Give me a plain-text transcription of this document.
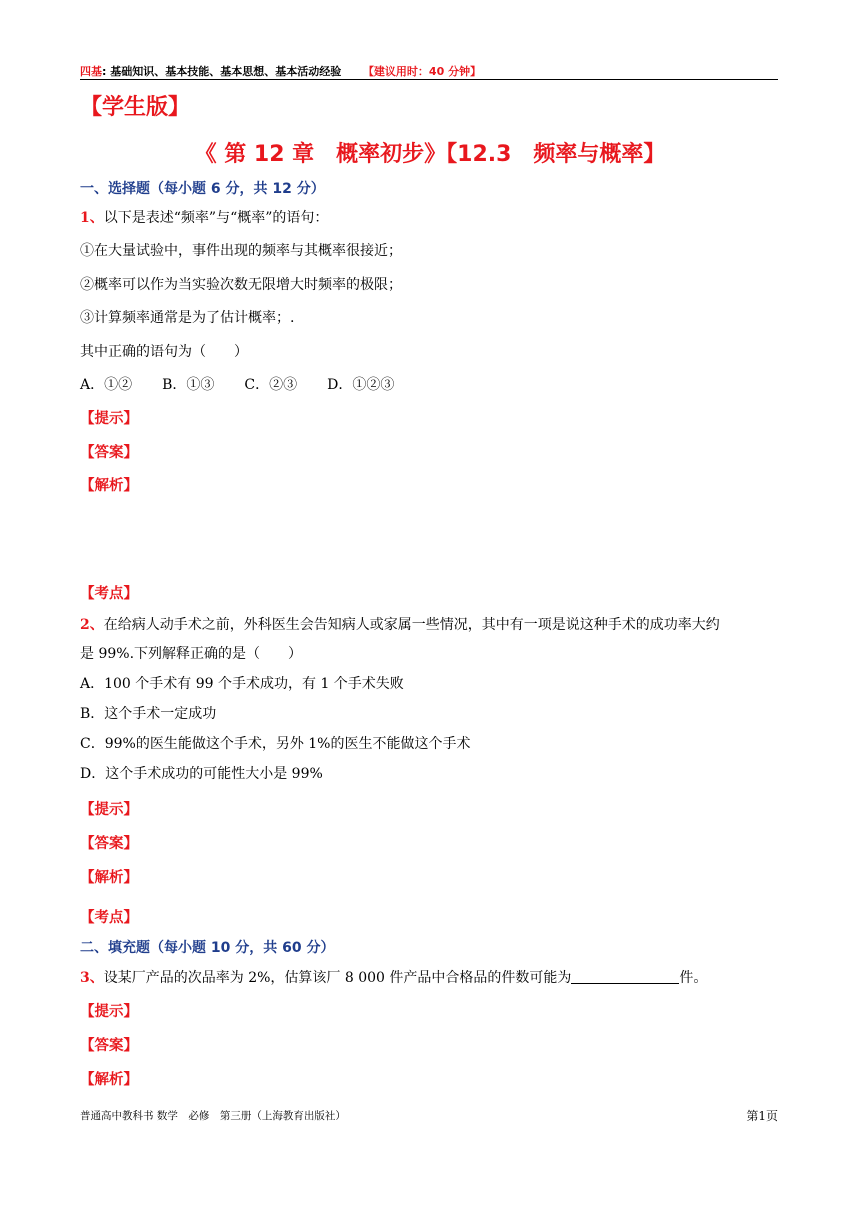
四基: 基础知识、基本技能、基本思想、基本活动经验 【建议用时：40 分钟】
【学生版】
《 第 12 章　概率初步》【12.3　频率与概率】
一、选择题（每小题 6 分，共 12 分）
1、以下是表述“频率”与“概率”的语句：
①在大量试验中，事件出现的频率与其概率很接近；
②概率可以作为当实验次数无限增大时频率的极限；
③计算频率通常是为了估计概率；.
其中正确的语句为（　　）
A．①② B．①③ C．②③ D．①②③
【提示】
【答案】
【解析】
【考点】
2、在给病人动手术之前，外科医生会告知病人或家属一些情况，其中有一项是说这种手术的成功率大约
是 99%.下列解释正确的是（　　）
A．100 个手术有 99 个手术成功，有 1 个手术失败
B．这个手术一定成功
C．99%的医生能做这个手术，另外 1%的医生不能做这个手术
D．这个手术成功的可能性大小是 99%
【提示】
【答案】
【解析】
【考点】
二、填充题（每小题 10 分，共 60 分）
3、设某厂产品的次品率为 2%，估算该厂 8 000 件产品中合格品的件数可能为	件。
【提示】
【答案】
【解析】
普通高中教科书 数学　必修　第三册（上海教育出版社）	第1页
